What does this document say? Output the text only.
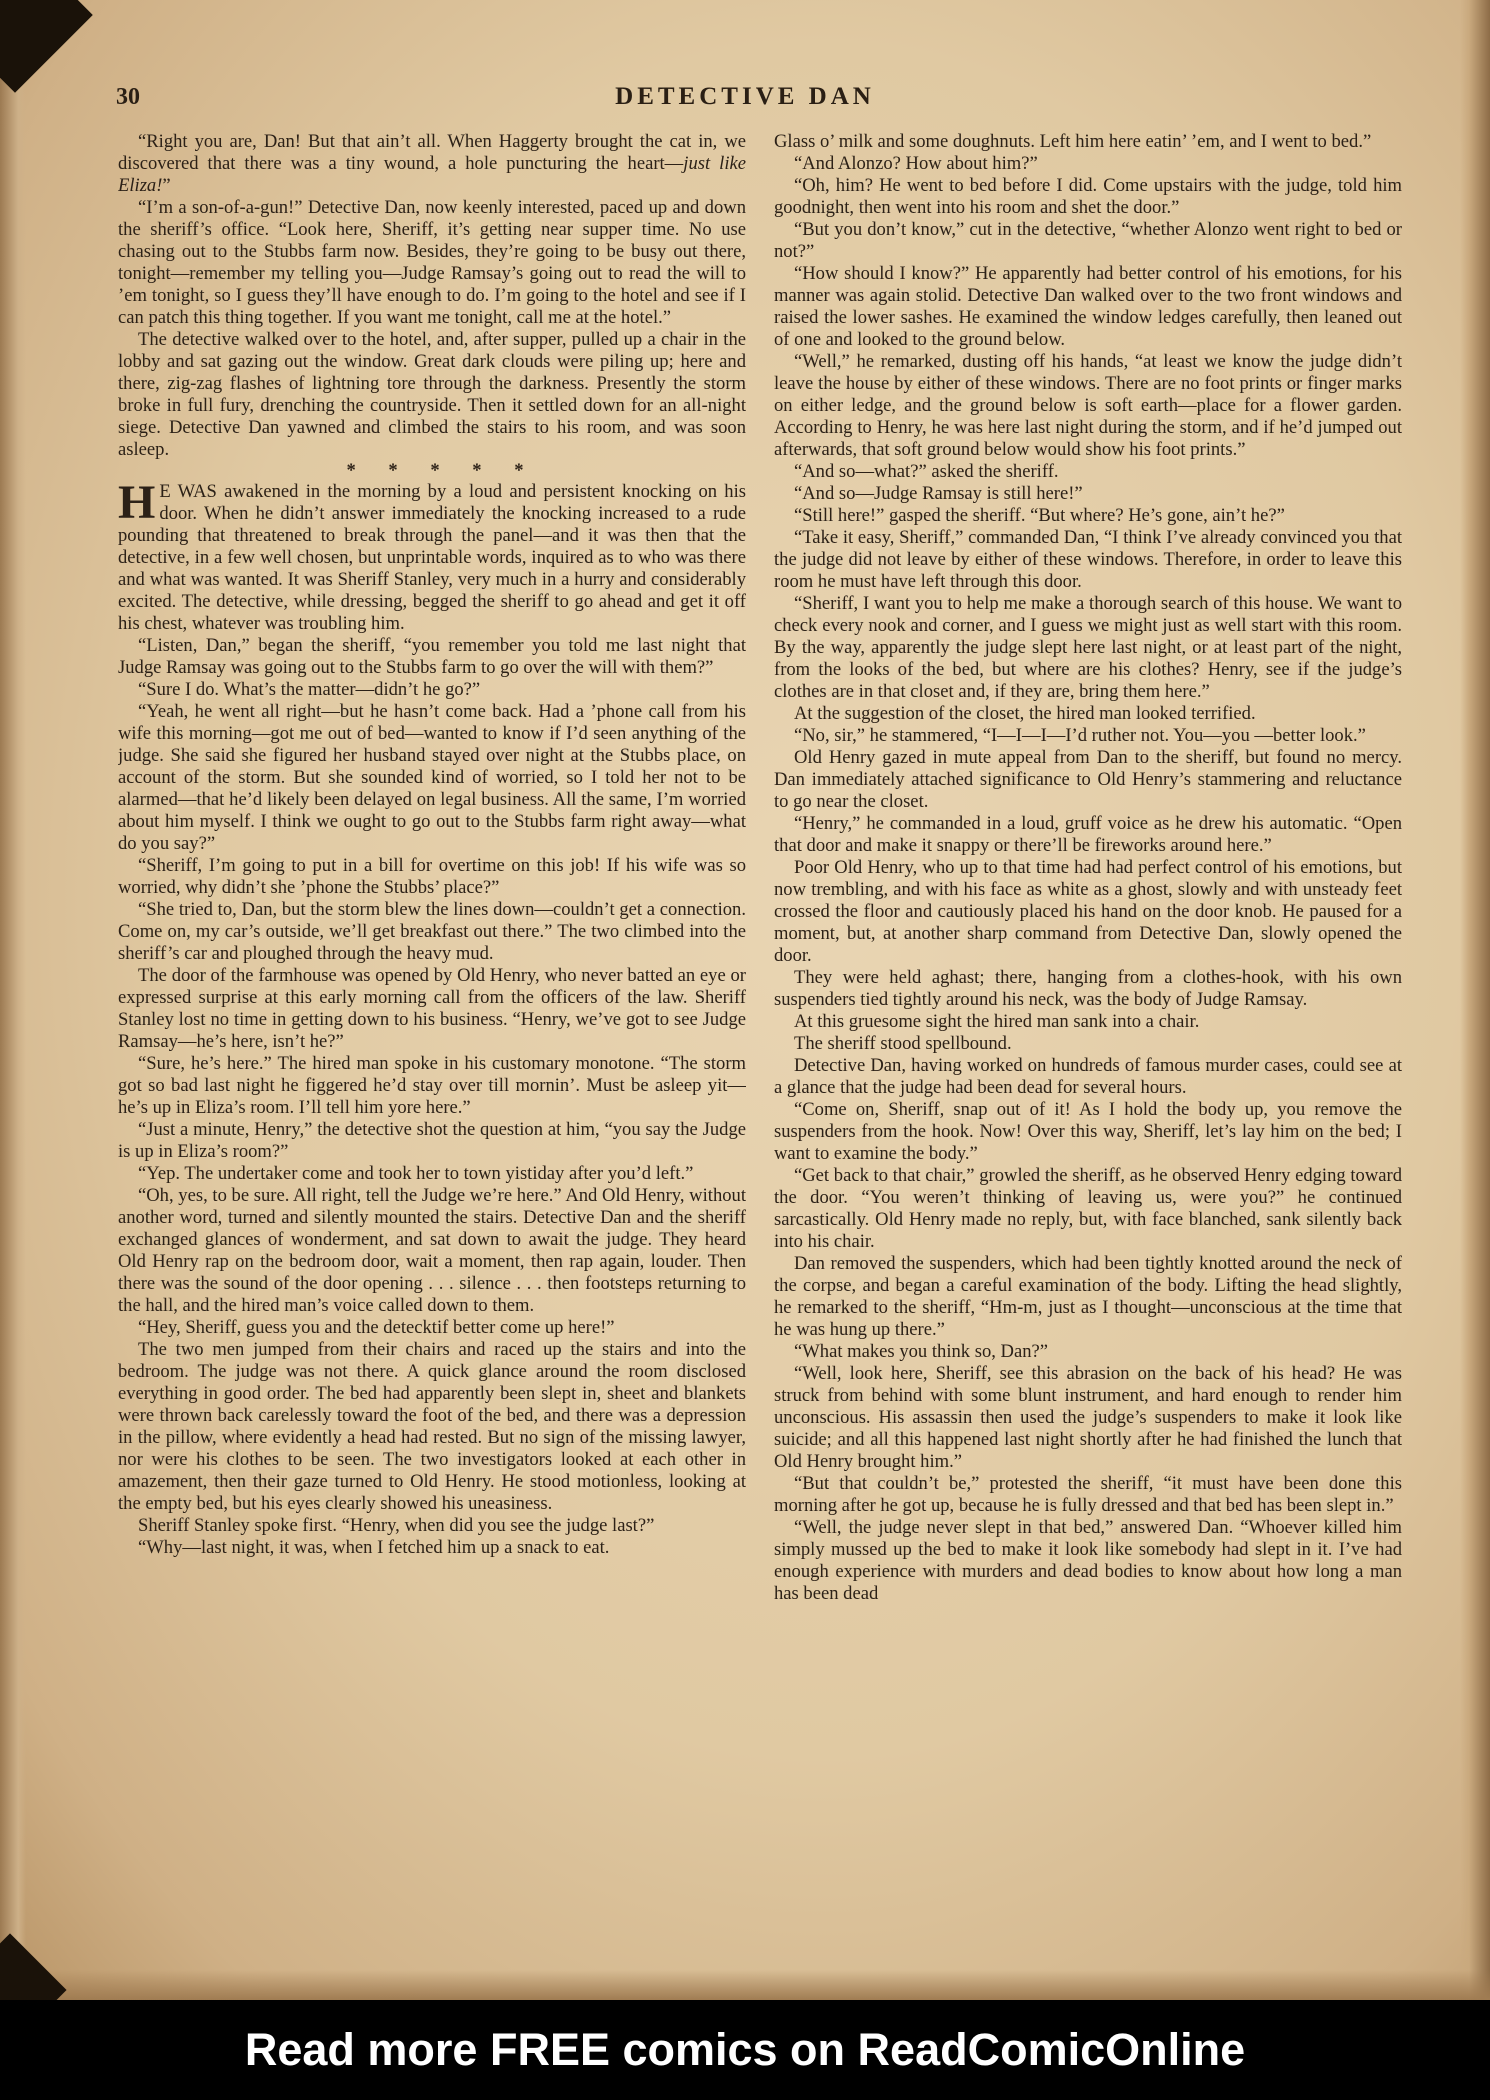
30	DETECTIVE DAN

“Right you are, Dan! But that ain’t all. When Haggerty brought the cat in, we discovered that there was a tiny wound, a hole puncturing the heart—just like Eliza!”

“I’m a son-of-a-gun!” Detective Dan, now keenly interested, paced up and down the sheriff’s office. “Look here, Sheriff, it’s getting near supper time. No use chasing out to the Stubbs farm now. Besides, they’re going to be busy out there, tonight—remember my telling you—Judge Ramsay’s going out to read the will to ’em tonight, so I guess they’ll have enough to do. I’m going to the hotel and see if I can patch this thing together. If you want me tonight, call me at the hotel.”

The detective walked over to the hotel, and, after supper, pulled up a chair in the lobby and sat gazing out the window. Great dark clouds were piling up; here and there, zig-zag flashes of lightning tore through the darkness. Presently the storm broke in full fury, drenching the countryside. Then it settled down for an all-night siege. Detective Dan yawned and climbed the stairs to his room, and was soon asleep.

* * * * *

H E WAS awakened in the morning by a loud and persistent knocking on his door. When he didn’t answer immediately the knocking increased to a rude pounding that threatened to break through the panel—and it was then that the detective, in a few well chosen, but unprintable words, inquired as to who was there and what was wanted. It was Sheriff Stanley, very much in a hurry and considerably excited. The detective, while dressing, begged the sheriff to go ahead and get it off his chest, whatever was troubling him.

“Listen, Dan,” began the sheriff, “you remember you told me last night that Judge Ramsay was going out to the Stubbs farm to go over the will with them?”

“Sure I do. What’s the matter—didn’t he go?”

“Yeah, he went all right—but he hasn’t come back. Had a ’phone call from his wife this morning—got me out of bed—wanted to know if I’d seen anything of the judge. She said she figured her husband stayed over night at the Stubbs place, on account of the storm. But she sounded kind of worried, so I told her not to be alarmed—that he’d likely been delayed on legal business. All the same, I’m worried about him myself. I think we ought to go out to the Stubbs farm right away—what do you say?”

“Sheriff, I’m going to put in a bill for overtime on this job! If his wife was so worried, why didn’t she ’phone the Stubbs’ place?”

“She tried to, Dan, but the storm blew the lines down—couldn’t get a connection. Come on, my car’s outside, we’ll get breakfast out there.” The two climbed into the sheriff’s car and ploughed through the heavy mud.

The door of the farmhouse was opened by Old Henry, who never batted an eye or expressed surprise at this early morning call from the officers of the law. Sheriff Stanley lost no time in getting down to his business. “Henry, we’ve got to see Judge Ramsay—he’s here, isn’t he?”

“Sure, he’s here.” The hired man spoke in his customary monotone. “The storm got so bad last night he figgered he’d stay over till mornin’. Must be asleep yit—he’s up in Eliza’s room. I’ll tell him yore here.”

“Just a minute, Henry,” the detective shot the question at him, “you say the Judge is up in Eliza’s room?”

“Yep. The undertaker come and took her to town yistiday after you’d left.”

“Oh, yes, to be sure. All right, tell the Judge we’re here.” And Old Henry, without another word, turned and silently mounted the stairs. Detective Dan and the sheriff exchanged glances of wonderment, and sat down to await the judge. They heard Old Henry rap on the bedroom door, wait a moment, then rap again, louder. Then there was the sound of the door opening . . . silence . . . then footsteps returning to the hall, and the hired man’s voice called down to them.

“Hey, Sheriff, guess you and the detecktif better come up here!”

The two men jumped from their chairs and raced up the stairs and into the bedroom. The judge was not there. A quick glance around the room disclosed everything in good order. The bed had apparently been slept in, sheet and blankets were thrown back carelessly toward the foot of the bed, and there was a depression in the pillow, where evidently a head had rested. But no sign of the missing lawyer, nor were his clothes to be seen. The two investigators looked at each other in amazement, then their gaze turned to Old Henry. He stood motionless, looking at the empty bed, but his eyes clearly showed his uneasiness.

Sheriff Stanley spoke first. “Henry, when did you see the judge last?”

“Why—last night, it was, when I fetched him up a snack to eat.

Glass o’ milk and some doughnuts. Left him here eatin’ ’em, and I went to bed.”

“And Alonzo? How about him?”

“Oh, him? He went to bed before I did. Come upstairs with the judge, told him goodnight, then went into his room and shet the door.”

“But you don’t know,” cut in the detective, “whether Alonzo went right to bed or not?”

“How should I know?” He apparently had better control of his emotions, for his manner was again stolid. Detective Dan walked over to the two front windows and raised the lower sashes. He examined the window ledges carefully, then leaned out of one and looked to the ground below.

“Well,” he remarked, dusting off his hands, “at least we know the judge didn’t leave the house by either of these windows. There are no foot prints or finger marks on either ledge, and the ground below is soft earth—place for a flower garden. According to Henry, he was here last night during the storm, and if he’d jumped out afterwards, that soft ground below would show his foot prints.”

“And so—what?” asked the sheriff.

“And so—Judge Ramsay is still here!”

“Still here!” gasped the sheriff. “But where? He’s gone, ain’t he?”

“Take it easy, Sheriff,” commanded Dan, “I think I’ve already convinced you that the judge did not leave by either of these windows. Therefore, in order to leave this room he must have left through this door.

“Sheriff, I want you to help me make a thorough search of this house. We want to check every nook and corner, and I guess we might just as well start with this room. By the way, apparently the judge slept here last night, or at least part of the night, from the looks of the bed, but where are his clothes? Henry, see if the judge’s clothes are in that closet and, if they are, bring them here.”

At the suggestion of the closet, the hired man looked terrified.

“No, sir,” he stammered, “I—I—I—I’d ruther not. You—you —better look.”

Old Henry gazed in mute appeal from Dan to the sheriff, but found no mercy. Dan immediately attached significance to Old Henry’s stammering and reluctance to go near the closet.

“Henry,” he commanded in a loud, gruff voice as he drew his automatic. “Open that door and make it snappy or there’ll be fireworks around here.”

Poor Old Henry, who up to that time had had perfect control of his emotions, but now trembling, and with his face as white as a ghost, slowly and with unsteady feet crossed the floor and cautiously placed his hand on the door knob. He paused for a moment, but, at another sharp command from Detective Dan, slowly opened the door.

They were held aghast; there, hanging from a clothes-hook, with his own suspenders tied tightly around his neck, was the body of Judge Ramsay.

At this gruesome sight the hired man sank into a chair.

The sheriff stood spellbound.

Detective Dan, having worked on hundreds of famous murder cases, could see at a glance that the judge had been dead for several hours.

“Come on, Sheriff, snap out of it! As I hold the body up, you remove the suspenders from the hook. Now! Over this way, Sheriff, let’s lay him on the bed; I want to examine the body.”

“Get back to that chair,” growled the sheriff, as he observed Henry edging toward the door. “You weren’t thinking of leaving us, were you?” he continued sarcastically. Old Henry made no reply, but, with face blanched, sank silently back into his chair.

Dan removed the suspenders, which had been tightly knotted around the neck of the corpse, and began a careful examination of the body. Lifting the head slightly, he remarked to the sheriff, “Hm-m, just as I thought—unconscious at the time that he was hung up there.”

“What makes you think so, Dan?”

“Well, look here, Sheriff, see this abrasion on the back of his head? He was struck from behind with some blunt instrument, and hard enough to render him unconscious. His assassin then used the judge’s suspenders to make it look like suicide; and all this happened last night shortly after he had finished the lunch that Old Henry brought him.”

“But that couldn’t be,” protested the sheriff, “it must have been done this morning after he got up, because he is fully dressed and that bed has been slept in.”

“Well, the judge never slept in that bed,” answered Dan. “Whoever killed him simply mussed up the bed to make it look like somebody had slept in it. I’ve had enough experience with murders and dead bodies to know about how long a man has been dead

Read more FREE comics on ReadComicOnline
